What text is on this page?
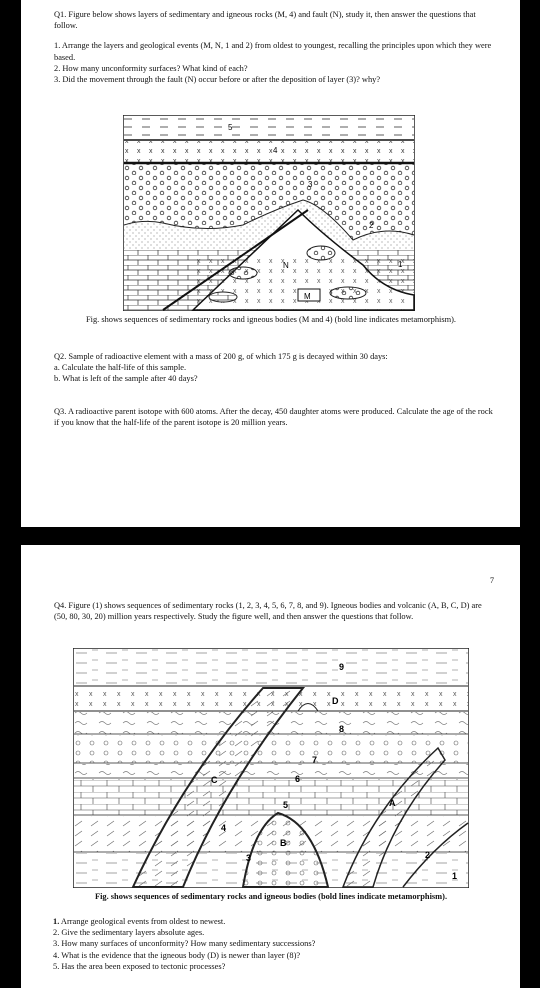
Q1. Figure below shows layers of sedimentary and igneous rocks (M, 4) and fault (N), study it, then answer the questions that follow.

1. Arrange the layers and geological events (M, N, 1 and 2) from oldest to youngest, recalling the principles upon which they were based.

2. How many unconformity surfaces? What kind of each?

3. Did the movement through the fault (N) occur before or after the deposition of layer (3)? why?

5
4
3
2
1
N
M
Fig. shows sequences of sedimentary rocks and igneous bodies (M and 4) (bold line indicates metamorphism).

Q2. Sample of radioactive element with a mass of 200 g, of which 175 g is decayed within 30 days:

a. Calculate the half-life of this sample.

b. What is left of the sample after 40 days?

Q3. A radioactive parent isotope with 600 atoms. After the decay, 450 daughter atoms were produced. Calculate the age of the rock if you know that the half-life of the parent isotope is 20 million years.

7

Q4. Figure (1) shows sequences of sedimentary rocks (1, 2, 3, 4, 5, 6, 7, 8, and 9). Igneous bodies and volcanic (A, B, C, D) are (50, 80, 30, 20) million years respectively. Study the figure well, and then answer the questions that follow.

9
D
8
7
6
5
4
3	2
1
C
B
A
Fig. shows sequences of sedimentary rocks and igneous bodies (bold lines indicate metamorphism).

1. Arrange geological events from oldest to newest.

2. Give the sedimentary layers absolute ages.

3. How many surfaces of unconformity? How many sedimentary successions?

4. What is the evidence that the igneous body (D) is newer than layer (8)?

5. Has the area been exposed to tectonic processes?
